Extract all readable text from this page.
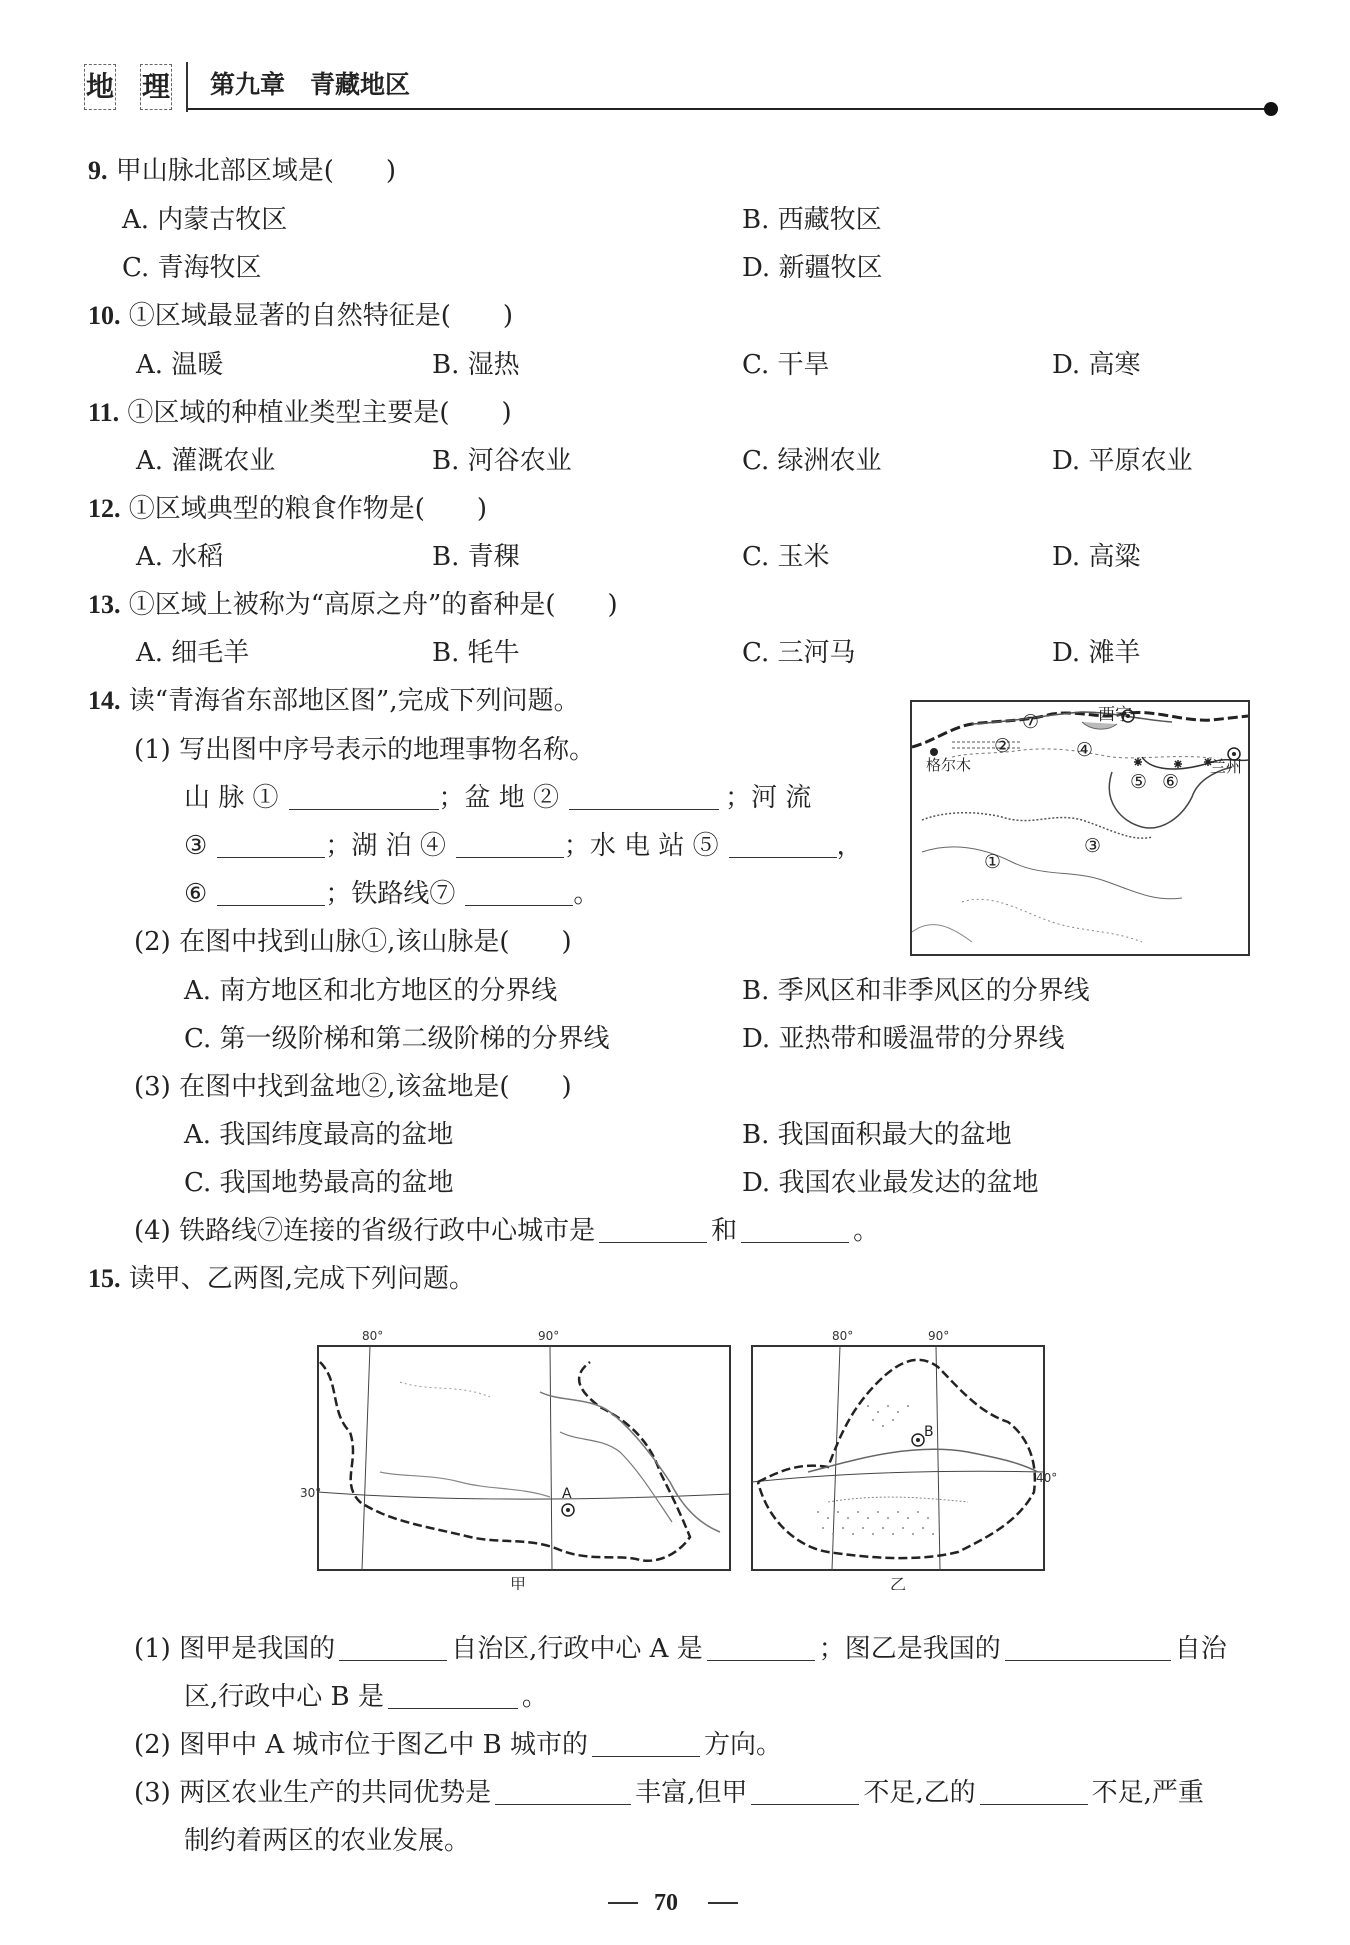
地 理 第九章　青藏地区
9. 甲山脉北部区域是(　　)
A. 内蒙古牧区	B. 西藏牧区
C. 青海牧区	D. 新疆牧区
10. ①区域最显著的自然特征是(　　)
A. 温暖	B. 湿热	C. 干旱	D. 高寒
11. ①区域的种植业类型主要是(　　)
A. 灌溉农业	B. 河谷农业	C. 绿洲农业	D. 平原农业
12. ①区域典型的粮食作物是(　　)
A. 水稻	B. 青稞	C. 玉米	D. 高粱
13. ①区域上被称为“高原之舟”的畜种是(　　)
A. 细毛羊	B. 牦牛	C. 三河马	D. 滩羊
14. 读“青海省东部地区图”,完成下列问题。
(1) 写出图中序号表示的地理事物名称。
山 脉 ①	；盆 地 ②	；河 流
③	；湖 泊 ④	；水 电 站 ⑤	，
⑥	；铁路线⑦	。
(2) 在图中找到山脉①,该山脉是(　　)
A. 南方地区和北方地区的分界线	B. 季风区和非季风区的分界线
C. 第一级阶梯和第二级阶梯的分界线	D. 亚热带和暖温带的分界线
(3) 在图中找到盆地②,该盆地是(　　)
A. 我国纬度最高的盆地	B. 我国面积最大的盆地
C. 我国地势最高的盆地	D. 我国农业最发达的盆地
(4) 铁路线⑦连接的省级行政中心城市是	和	。
西宁
格尔木	兰州
⑦
②	④
⑤ ⑥
③
①
15. 读甲、乙两图,完成下列问题。
80°	90°
30°	A
甲
80°	90°
40°
B
乙
(1) 图甲是我国的	自治区,行政中心 A 是	；图乙是我国的	自治
区,行政中心 B 是	。
(2) 图甲中 A 城市位于图乙中 B 城市的	方向。
(3) 两区农业生产的共同优势是	丰富,但甲	不足,乙的	不足,严重
制约着两区的农业发展。
70
